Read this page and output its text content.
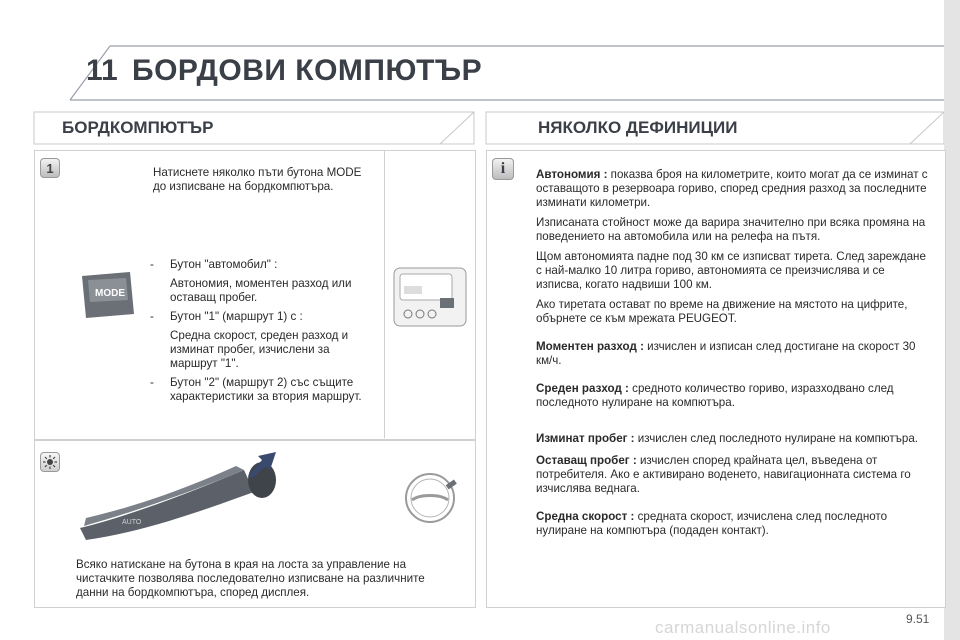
11 БОРДОВИ КОМПЮТЪР
БОРДКОМПЮТЪР	НЯКОЛКО ДЕФИНИЦИИ
1	Натиснете няколко пъти бутона MODE до изписване на бордкомпютъра.
MODE
- Бутон "автомобил" :

Автономия, моментен разход или оставащ пробег.

- Бутон "1" (маршрут 1) с :

Средна скорост, среден разход и изминат пробег, изчислени за маршрут "1".

- Бутон "2" (маршрут 2) със същите характеристики за втория маршрут.

AUTO
Всяко натискане на бутона в края на лоста за управление на чистачките позволява последователно изписване на различните данни на бордкомпютъра, според дисплея.
i	Автономия : показва броя на километрите, които могат да се изминат с оставащото в резервоара гориво, според средния разход за последните изминати километри.

Изписаната стойност може да варира значително при всяка промяна на поведението на автомобила или на релефа на пътя.

Щом автономията падне под 30 км се изписват тирета. След зареждане с най-малко 10 литра гориво, автономията се преизчислява и се изписва, когато надвиши 100 км.

Ако тиретата остават по време на движение на мястото на цифрите, обърнете се към мрежата PEUGEOT.

Моментен разход : изчислен и изписан след достигане на скорост 30 км/ч.

Среден разход : средното количество гориво, изразходвано след последното нулиране на компютъра.

Изминат пробег : изчислен след последното нулиране на компютъра.

Оставащ пробег : изчислен според крайната цел, въведена от потребителя. Ако е активирано воденето, навигационната система го изчислява веднага.

Средна скорост : средната скорост, изчислена след последното нулиране на компютъра (подаден контакт).

9.51
carmanualsonline.info
